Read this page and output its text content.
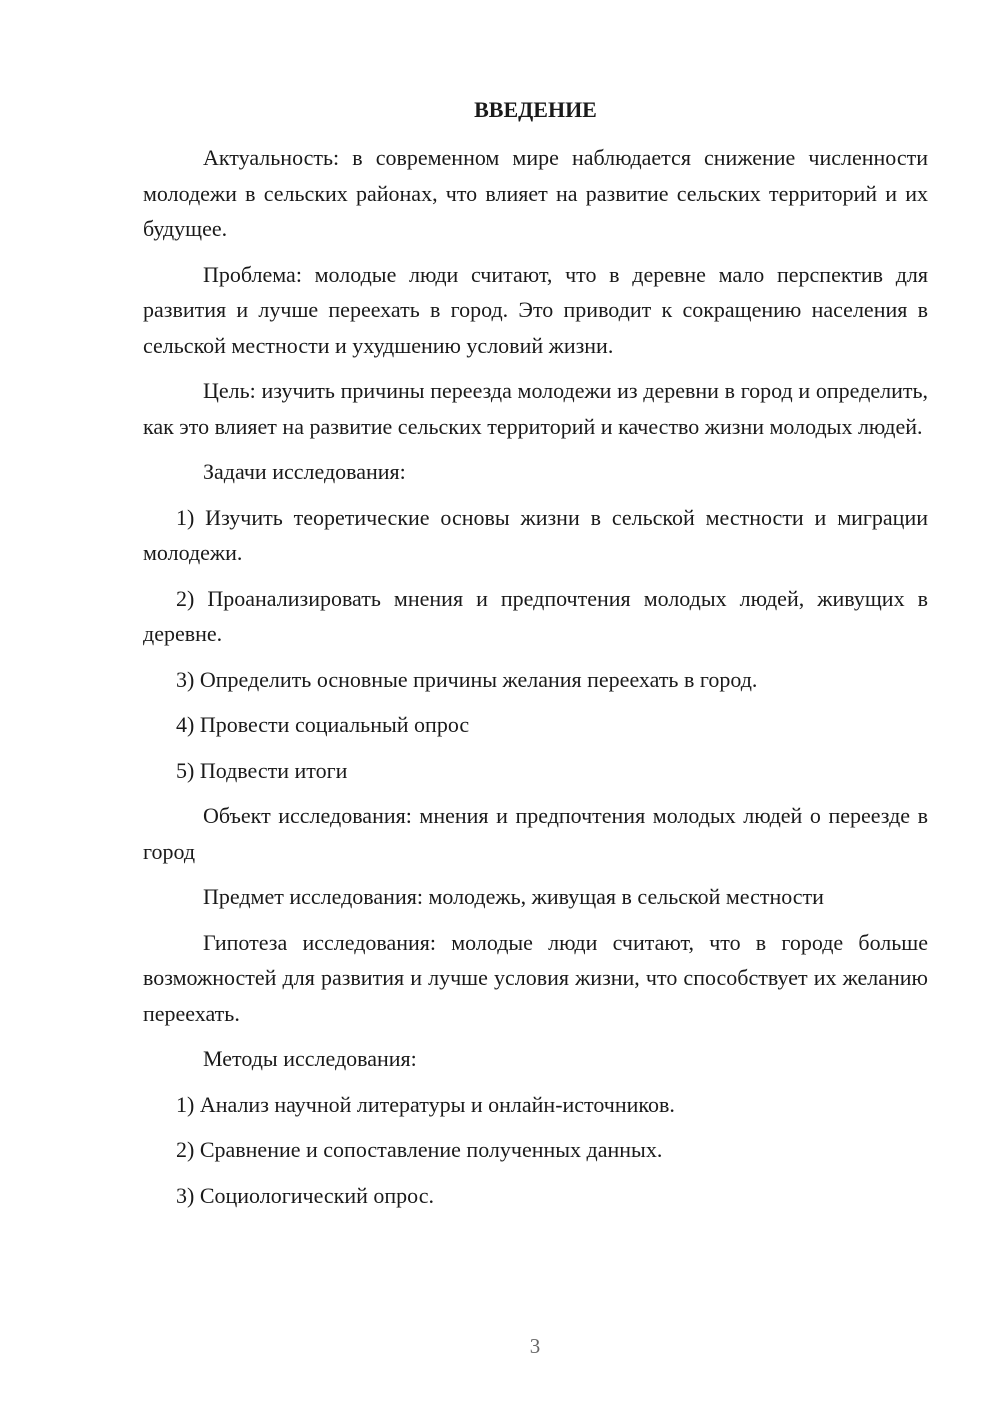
ВВЕДЕНИЕ

Актуальность: в современном мире наблюдается снижение численности молодежи в сельских районах, что влияет на развитие сельских территорий и их будущее.

Проблема: молодые люди считают, что в деревне мало перспектив для развития и лучше переехать в город. Это приводит к сокращению населения в сельской местности и ухудшению условий жизни.

Цель: изучить причины переезда молодежи из деревни в город и определить, как это влияет на развитие сельских территорий и качество жизни молодых людей.

Задачи исследования:

1) Изучить теоретические основы жизни в сельской местности и миграции молодежи.

2) Проанализировать мнения и предпочтения молодых людей, живущих в деревне.

3) Определить основные причины желания переехать в город.

4) Провести социальный опрос

5) Подвести итоги

Объект исследования: мнения и предпочтения молодых людей о переезде в город

Предмет исследования: молодежь, живущая в сельской местности

Гипотеза исследования: молодые люди считают, что в городе больше возможностей для развития и лучше условия жизни, что способствует их желанию переехать.

Методы исследования:

1) Анализ научной литературы и онлайн-источников.

2) Сравнение и сопоставление полученных данных.

3) Социологический опрос.

3
